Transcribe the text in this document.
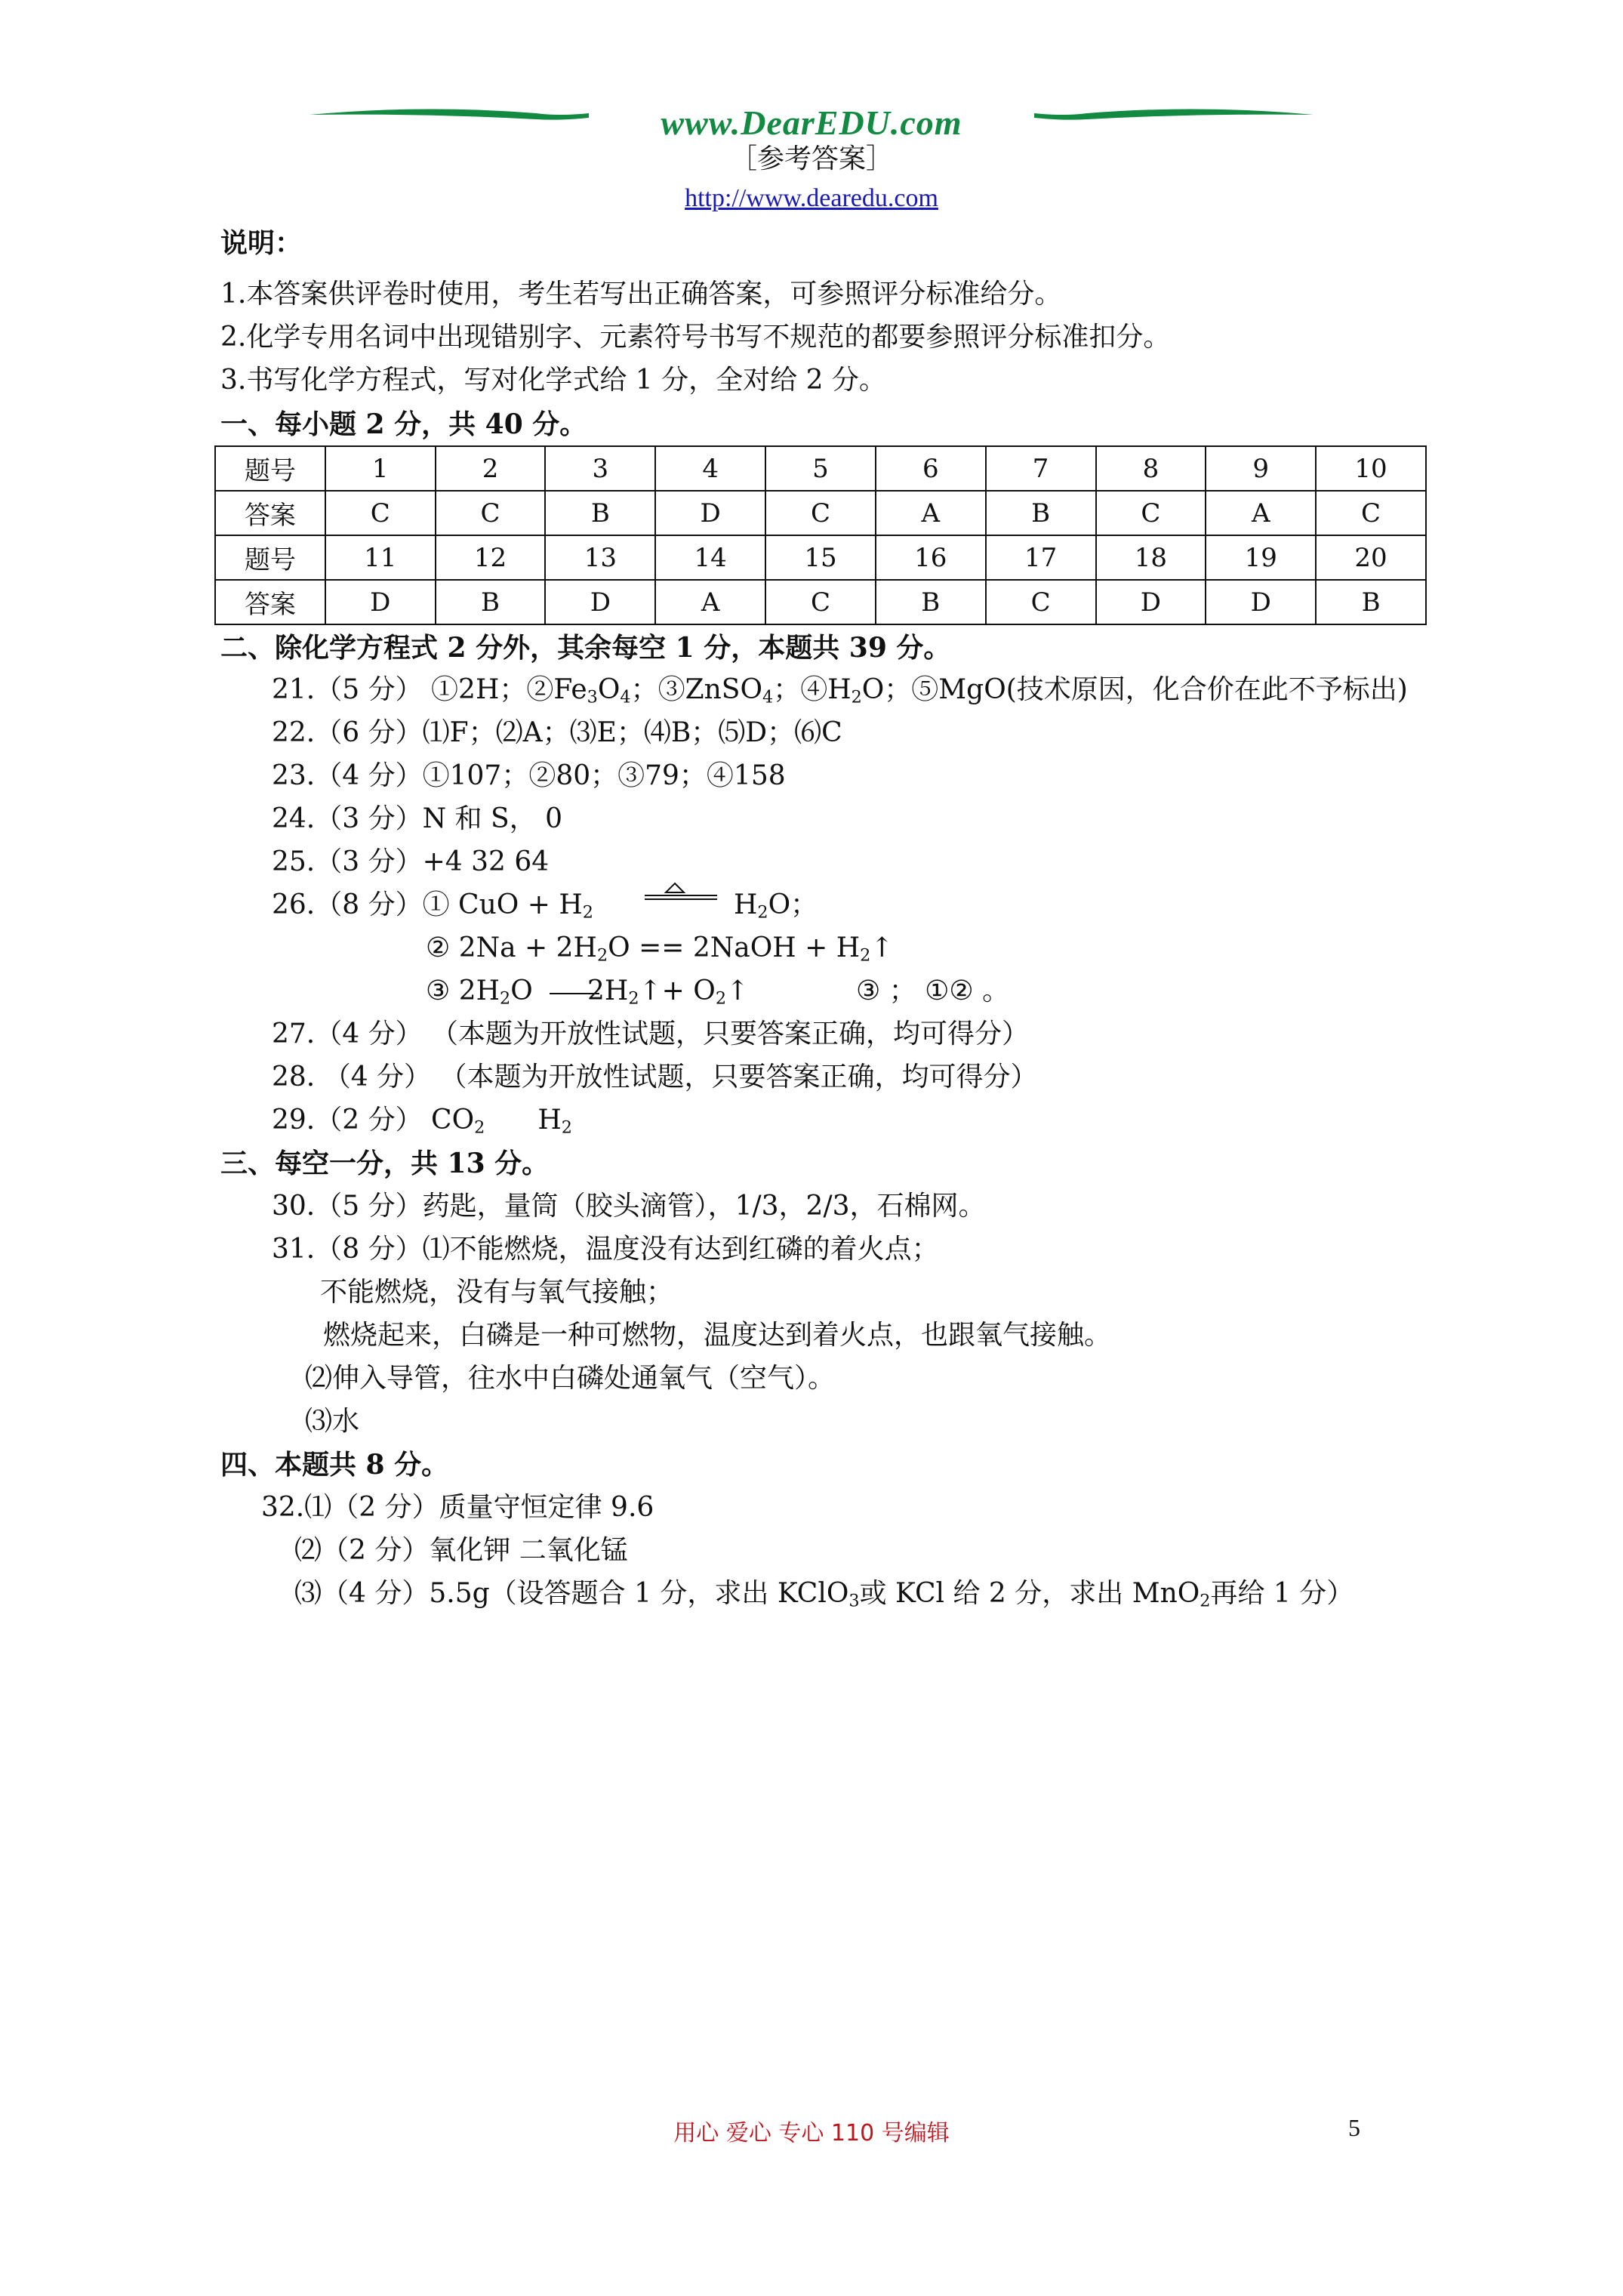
www.DearEDU.com
［参考答案］
http://www.dearedu.com
说明：
1.本答案供评卷时使用，考生若写出正确答案，可参照评分标准给分。
2.化学专用名词中出现错别字、元素符号书写不规范的都要参照评分标准扣分。
3.书写化学方程式，写对化学式给 1 分，全对给 2 分。
一、每小题 2 分，共 40 分。
题号	1	2	3	4	5	6	7	8	9	10
答案	C	C	B	D	C	A	B	C	A	C
题号	11	12	13	14	15	16	17	18	19	20
答案	D	B	D	A	C	B	C	D	D	B
二、除化学方程式 2 分外，其余每空 1 分，本题共 39 分。
21.（5 分） ①2H；$②Fe_3O_4$；③ZnSO$_4$；$④H_2O$；⑤MgO(技术原因，化合价在此不予标出)
22.（6 分）⑴F；⑵A；⑶E；⑷B；⑸D；⑹C
23.（4 分）①107；②80；③79；④158
24.（3 分）N 和 S， 0
25.（3 分）+4 32 64
26.（8 分）① CuO + $H_2$	$H_2O$；
② $2Na + 2H_2O$ == 2NaOH + $H_2↑$
③ $2H_2O$ $2H_2↑+$ $O_2↑$	③ ； ①② 。
27.（4 分） （本题为开放性试题，只要答案正确，均可得分）
28. （4 分） （本题为开放性试题，只要答案正确，均可得分）
29.（2 分） $CO_2$ $H_2$
三、每空一分，共 13 分。
30.（5 分）药匙，量筒（胶头滴管），1/3，2/3，石棉网。
31.（8 分）⑴不能燃烧，温度没有达到红磷的着火点；
不能燃烧，没有与氧气接触；
燃烧起来，白磷是一种可燃物，温度达到着火点，也跟氧气接触。
⑵伸入导管，往水中白磷处通氧气（空气）。
⑶水
四、本题共 8 分。
32.⑴（2 分）质量守恒定律 9.6
⑵（2 分）氧化钾 二氧化锰
⑶（4 分）5.5g（设答题合 1 分，求出 KClO$_3$或 KCl 给 2 分，求出 MnO$_2$再给 1 分）
用心 爱心 专心 110 号编辑	5
